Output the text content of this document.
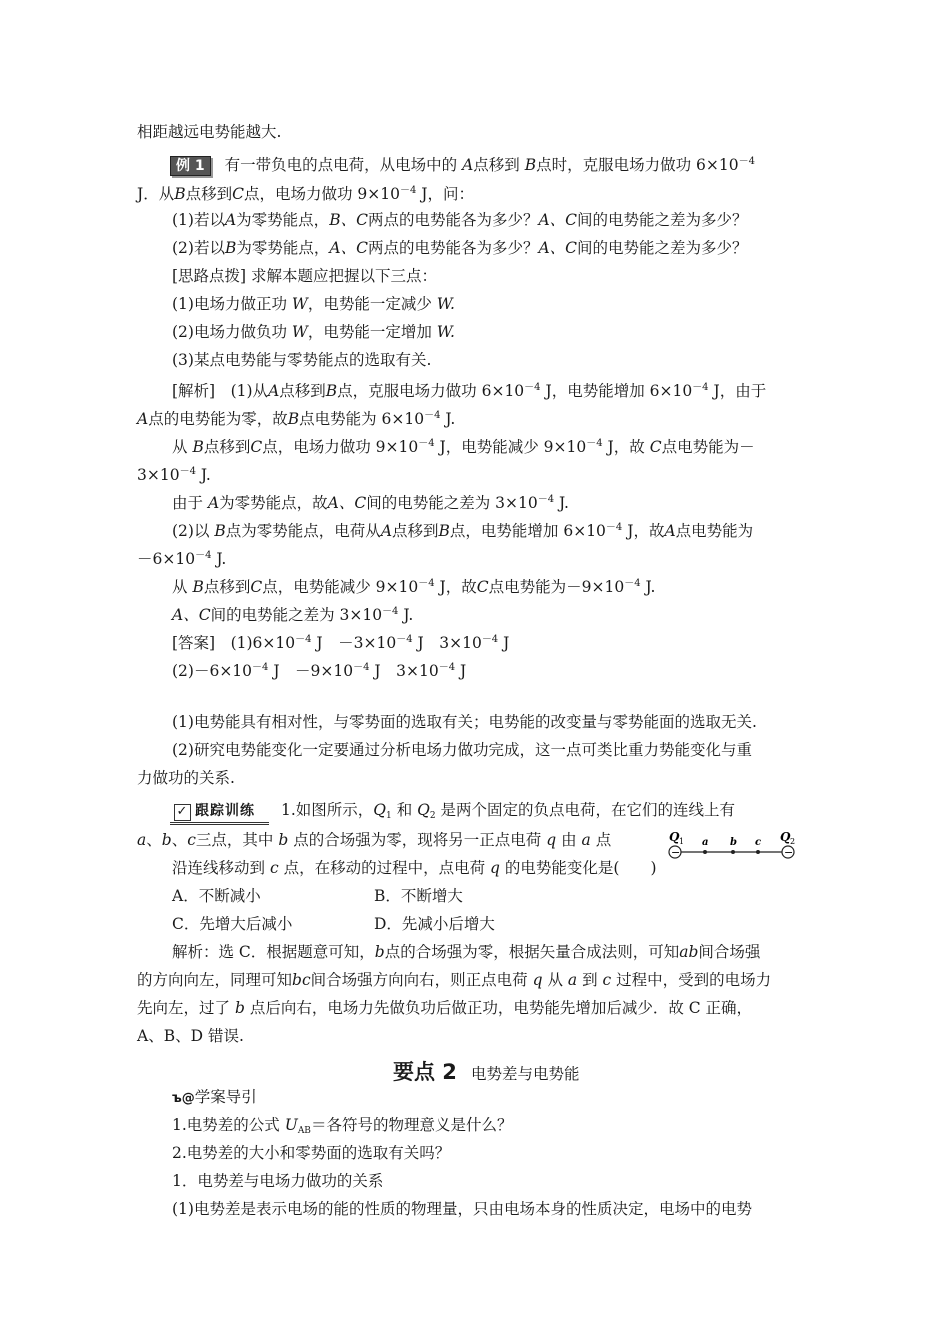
相距越远电势能越大.
例 1 有一带负电的点电荷，从电场中的 A点移到 B点时，克服电场力做功 $6\times 10^{-4}$
J．从B点移到C点，电场力做功 $9\times 10^{-4}$ J，问：
(1)若以A为零势能点，B、C两点的电势能各为多少？A、C间的电势能之差为多少？
(2)若以B为零势能点，A、C两点的电势能各为多少？A、C间的电势能之差为多少？
[思路点拨] 求解本题应把握以下三点：
(1)电场力做正功 W，电势能一定减少 W.
(2)电场力做负功 W，电势能一定增加 W.
(3)某点电势能与零势能点的选取有关.
[解析]　(1)从A点移到B点，克服电场力做功 $6\times 10^{-4}$ J，电势能增加 $6\times 10^{-4}$ J，由于
A点的电势能为零，故B点电势能为 $6\times 10^{-4}$ J.
从 B点移到C点，电场力做功 $9\times 10^{-4}$ J，电势能减少 $9\times 10^{-4}$ J，故 C点电势能为－
$3\times 10^{-4}$ J.
由于 A为零势能点，故A、C间的电势能之差为 $3\times 10^{-4}$ J.
(2)以 B点为零势能点，电荷从A点移到B点，电势能增加 $6\times 10^{-4}$ J，故A点电势能为
$-6\times 10^{-4}$ J.
从 B点移到C点，电势能减少 $9\times 10^{-4}$ J，故C点电势能为$-9\times 10^{-4}$ J.
A、C间的电势能之差为 $3\times 10^{-4}$ J.
[答案]　$(1)6\times 10^{-4}$ J　$-3\times 10^{-4}$ J　$3\times 10^{-4}$ J
$(2)-6\times 10^{-4}$ J　$-9\times 10^{-4}$ J　$3\times 10^{-4}$ J
(1)电势能具有相对性，与零势面的选取有关；电势能的改变量与零势能面的选取无关.
(2)研究电势能变化一定要通过分析电场力做功完成，这一点可类比重力势能变化与重
力做功的关系.
✓ 跟踪训练 1.如图所示，$Q_1$ 和 $Q_2$ 是两个固定的负点电荷，在它们的连线上有
a、b、c三点，其中 b 点的合场强为零，现将另一正点电荷 q 由 a 点
−	−
Q 1	Q 2
a b c
沿连线移动到 c 点，在移动的过程中，点电荷 q 的电势能变化是(　　)
A．不断减小	B．不断增大
C．先增大后减小	D．先减小后增大
解析：选 C．根据题意可知，b点的合场强为零，根据矢量合成法则，可知ab间合场强
的方向向左，同理可知bc间合场强方向向右，则正点电荷 q 从 a 到 c 过程中，受到的电场力
先向左，过了 b 点后向右，电场力先做负功后做正功，电势能先增加后减少．故 C 正确，
A、B、D 错误.
要点 2 电势差与电势能
ъ@学案导引
1.电势差的公式 $U_{AB}=$各符号的物理意义是什么？
2.电势差的大小和零势面的选取有关吗？
1．电势差与电场力做功的关系
(1)电势差是表示电场的能的性质的物理量，只由电场本身的性质决定，电场中的电势
